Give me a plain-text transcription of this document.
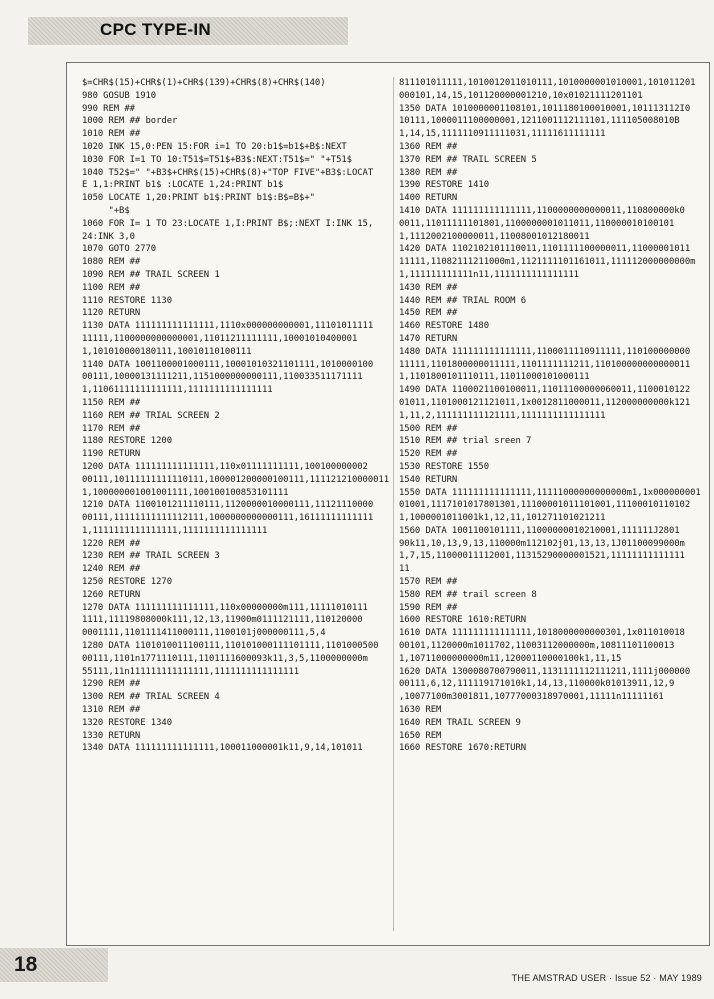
CPC TYPE-IN
$=CHR$(15)+CHR$(1)+CHR$(139)+CHR$(8)+CHR$(140)
980 GOSUB 1910
990 REM ##
1000 REM ## border
1010 REM ##
1020 INK 15,0:PEN 15:FOR i=1 TO 20:b1$=b1$+B$:NEXT
1030 FOR I=1 TO 10:T51$=T51$+B3$:NEXT:T51$=" "+T51$
1040 T52$=" "+B3$+CHR$(15)+CHR$(8)+"TOP FIVE"+B3$:LOCAT
E 1,1:PRINT b1$ :LOCATE 1,24:PRINT b1$
1050 LOCATE 1,20:PRINT b1$:PRINT b1$:B$=B$+"
"+B$
1060 FOR I= 1 TO 23:LOCATE 1,I:PRINT B$;:NEXT I:INK 15,
24:INK 3,0
1070 GOTO 2770
1080 REM ##
1090 REM ## TRAIL SCREEN 1
1100 REM ##
1110 RESTORE 1130
1120 RETURN
1130 DATA 111111111111111,1110x000000000001,11101011111
11111,1100000000000001,11011211111111,10001010400001
1,101010000180111,10010110100111
1140 DATA 1001100001000111,10001010321101111,1010000100
00111,10000131111211,1151000000000111,110033511171111
1,11061111111111111,1111111111111111
1150 REM ##
1160 REM ## TRIAL SCREEN 2
1170 REM ##
1180 RESTORE 1200
1190 RETURN
1200 DATA 111111111111111,110x01111111111,100100000002
00111,10111111111110111,100001200000100111,111121210000011
1,100000001001001111,100100100853101111
1210 DATA 1100101211110111,1120000010000111,11121110000
00111,11111111111112111,1000000000000111,16111111111111
1,1111111111111111,1111111111111111
1220 REM ##
1230 REM ## TRAIL SCREEN 3
1240 REM ##
1250 RESTORE 1270
1260 RETURN
1270 DATA 111111111111111,110x00000000m111,11111010111
1111,11119808000k111,12,13,11900m0111121111,110120000
0001111,1101111411000111,1100101j000000111,5,4
1280 DATA 1101010011100111,110101000111101111,1101000500
00111,1101n1771110111,1101111600093k11,3,5,1100000000m
55111,11n111111111111111,1111111111111111
1290 REM ##
1300 REM ## TRIAL SCREEN 4
1310 REM ##
1320 RESTORE 1340
1330 RETURN
1340 DATA 111111111111111,100011000001k11,9,14,101011
811101011111,1010012011010111,1010000001010001,101011201
000101,14,15,101120000001210,10x01021111201101
1350 DATA 1010000001108101,1011180100010001,101113112I0
10111,1000011100000001,1211001112111101,111105008010B
1,14,15,1111110911111031,11111611111111
1360 REM ##
1370 REM ## TRAIL SCREEN 5
1380 REM ##
1390 RESTORE 1410
1400 RETURN
1410 DATA 111111111111111,1100000000000011,110800000k0
0011,11011111101801,1100000001011011,110000010100101
1,1112002100000011,11008001012180011
1420 DATA 1102102101110011,1101111100000011,11000001011
11111,11082111211000m1,1121111101161011,111112000000000m
1,111111111111n11,1111111111111111
1430 REM ##
1440 REM ## TRIAL ROOM 6
1450 REM ##
1460 RESTORE 1480
1470 RETURN
1480 DATA 111111111111111,1100011110911111,110100000000
11111,1101800000011111,1101111111211,110100000000000011
1,1101800101110111,11011000101000111
1490 DATA 1100021100100011,11011100000060011,1100010122
01011,1101000121121011,1x0012811000011,112000000000k121
1,11,2,111111111121111,1111111111111111
1500 REM ##
1510 REM ## trial sreen 7
1520 REM ##
1530 RESTORE 1550
1540 RETURN
1550 DATA 111111111111111,11111000000000000m1,1x000000001
01001,1117101017801301,11100001011101001,11100010110102
1,1000001011001k1,12,11,101271101021211
1560 DATA 1001100101111,11000000010210001,111111J2801
90k11,10,13,9,13,110000m112102j01,13,13,1J01100099000m
1,7,15,11000011112001,11315290000001521,11111111111111
11
1570 REM ##
1580 REM ## trail screen 8
1590 REM ##
1600 RESTORE 1610:RETURN
1610 DATA 111111111111111,1018000000000301,1x011010018
00101,1120000m1011702,11003112000000m,10811101100013
1,10711000000000m11,12000110000100k1,11,15
1620 DATA 1300080700790011,1131111112111211,1111j000000
00111,6,12,111119171010k1,14,13,110000k01013911,12,9
,10077100m3001811,10777000318970001,11111n11111161
1630 REM
1640 REM TRAIL SCREEN 9
1650 REM
1660 RESTORE 1670:RETURN
18
THE AMSTRAD USER · Issue 52 · MAY 1989
